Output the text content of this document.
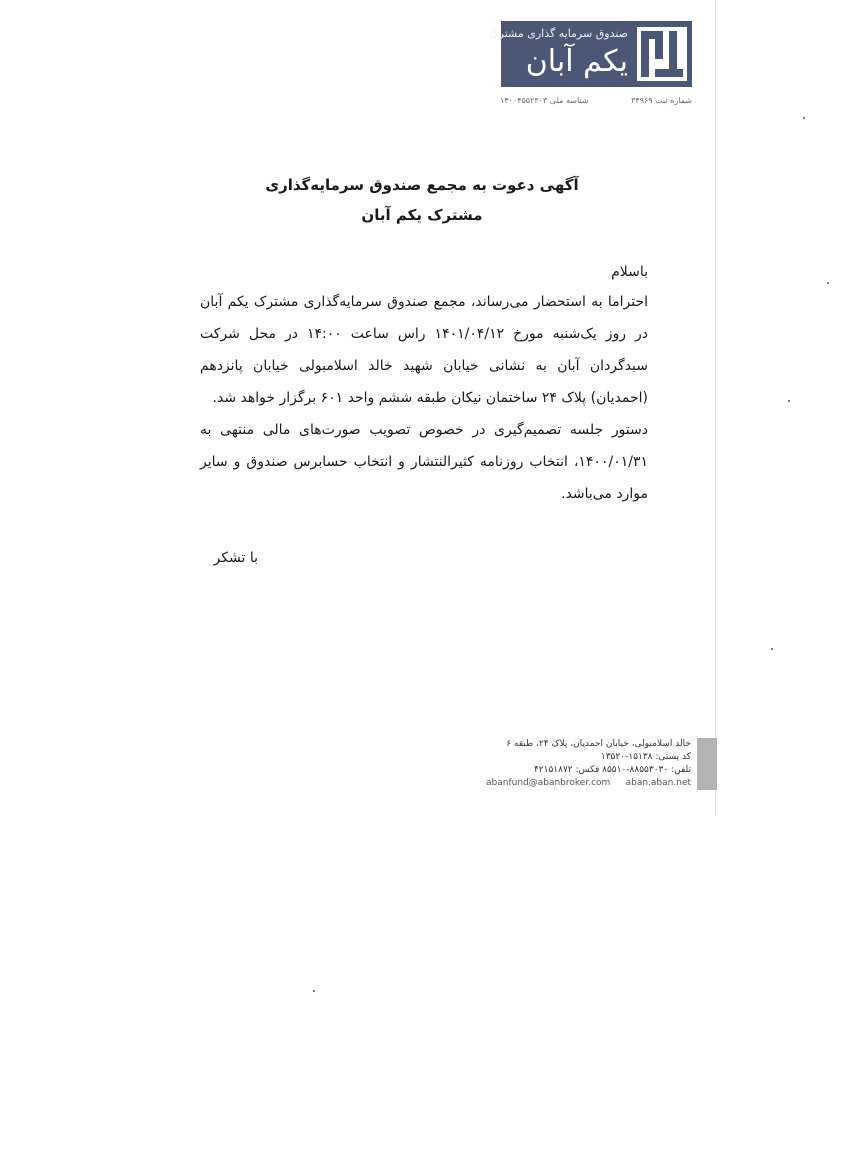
صندوق سرمایه گذاری مشترک
یکم آبان
شماره ثبت ۳۴۹۶۹
شناسه ملی ۱۴۰۰۴۵۵۲۳۰۳
آگهی دعوت به مجمع صندوق سرمایه‌گذاری
مشترک یکم آبان
باسلام
احتراما به استحضار می‌رساند، مجمع صندوق سرمایه‌گذاری مشترک یکم آبان در روز یک‌شنبه مورخ ۱۴۰۱/۰۴/۱۲ راس ساعت ۱۴:۰۰ در محل شرکت سبدگردان آبان به نشانی خیابان شهید خالد اسلامبولی خیابان پانزدهم (احمدیان) پلاک ۲۴ ساختمان نیکان طبقه ششم واحد ۶۰۱ برگزار خواهد شد.
دستور جلسه تصمیم‌گیری در خصوص تصویب صورت‌های مالی منتهی به ۱۴۰۰/۰۱/۳۱، انتخاب روزنامه کثیرالنتشار و انتخاب حسابرس صندوق و سایر موارد می‌باشد.
با تشکر
خالد اسلامبولی، خیابان احمدیان، پلاک ۲۴، طبقه ۶
کد پستی: ۱۵۱۳۸-۱۳۵۲۰
تلفن: ۸۸۵۵۳۰۳۰-۸۵۵۱۰ فکس: ۴۲۱۵۱۸۷۲
abanfund@abanbroker.com aban.aban.net
